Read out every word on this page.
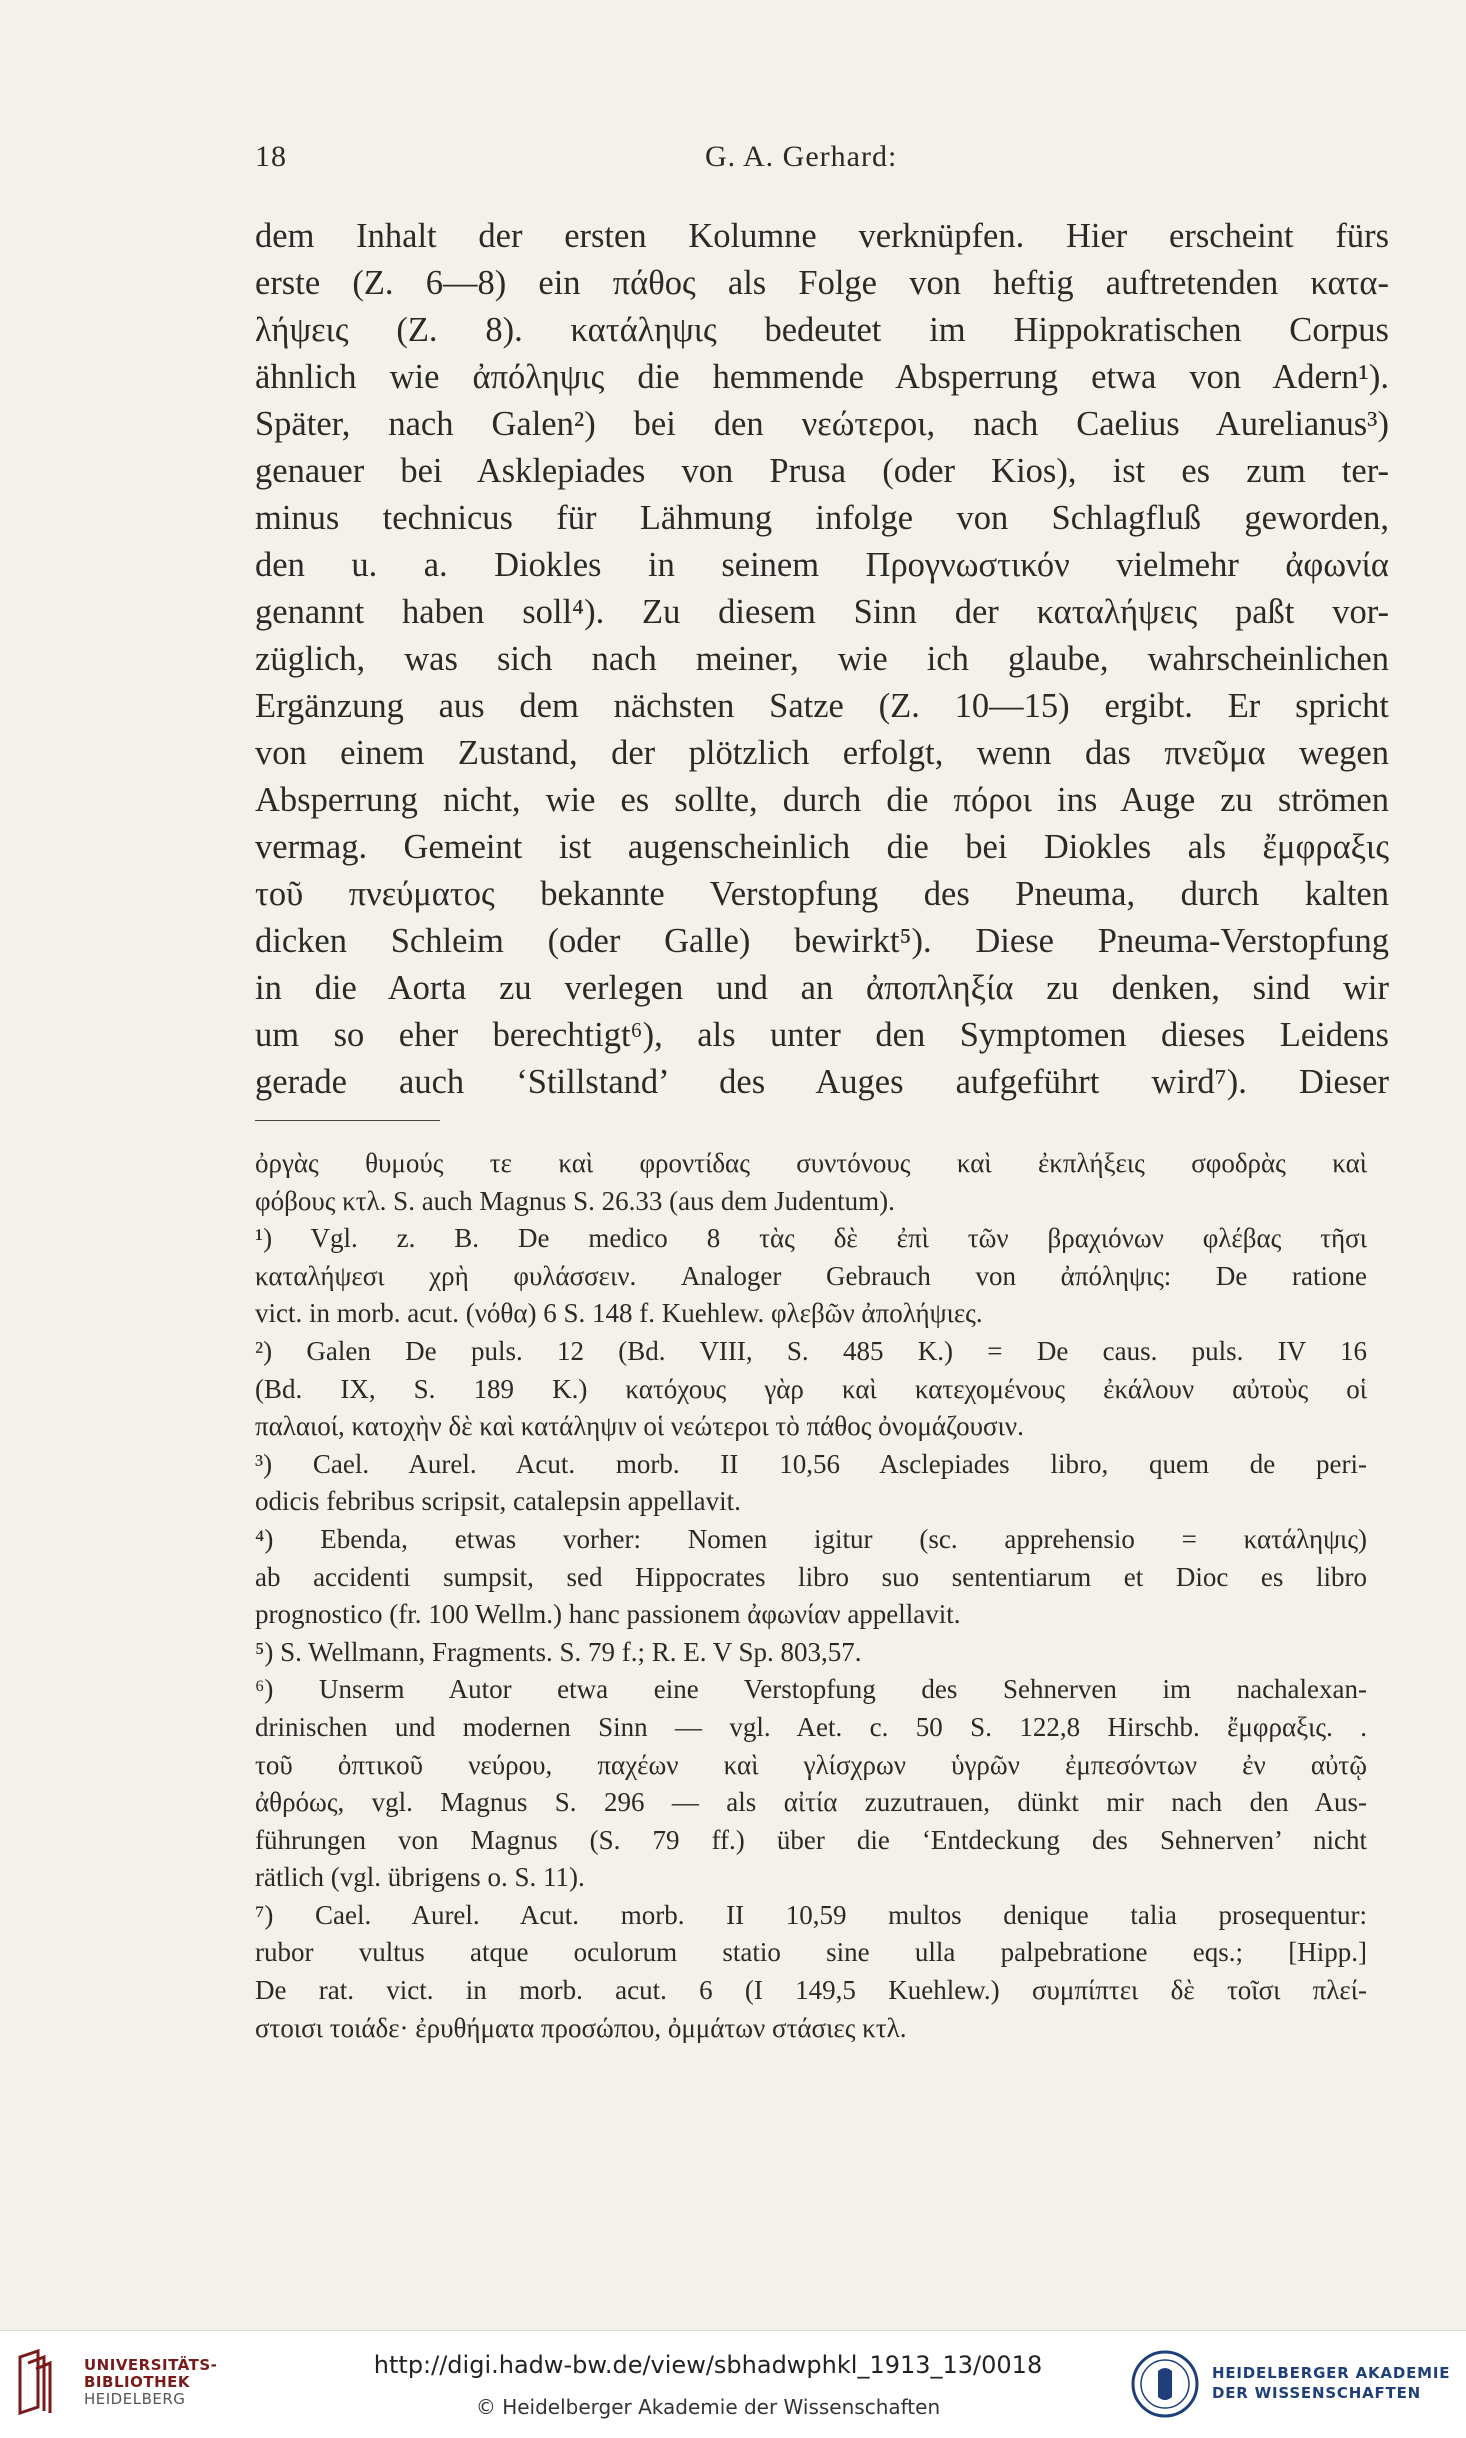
18	G. A. Gerhard:
dem Inhalt der ersten Kolumne verknüpfen. Hier erscheint fürs
erste (Z. 6—8) ein πάθος als Folge von heftig auftretenden κατα-
λήψεις (Z. 8). κατάληψις bedeutet im Hippokratischen Corpus
ähnlich wie ἀπόληψις die hemmende Absperrung etwa von Adern¹).
Später, nach Galen²) bei den νεώτεροι, nach Caelius Aurelianus³)
genauer bei Asklepiades von Prusa (oder Kios), ist es zum ter-
minus technicus für Lähmung infolge von Schlagfluß geworden,
den u. a. Diokles in seinem Προγνωστικόν vielmehr ἀφωνία
genannt haben soll⁴). Zu diesem Sinn der καταλήψεις paßt vor-
züglich, was sich nach meiner, wie ich glaube, wahrscheinlichen
Ergänzung aus dem nächsten Satze (Z. 10—15) ergibt. Er spricht
von einem Zustand, der plötzlich erfolgt, wenn das πνεῦμα wegen
Absperrung nicht, wie es sollte, durch die πόροι ins Auge zu strömen
vermag. Gemeint ist augenscheinlich die bei Diokles als ἔμφραξις
τοῦ πνεύματος bekannte Verstopfung des Pneuma, durch kalten
dicken Schleim (oder Galle) bewirkt⁵). Diese Pneuma-Verstopfung
in die Aorta zu verlegen und an ἀποπληξία zu denken, sind wir
um so eher berechtigt⁶), als unter den Symptomen dieses Leidens
gerade auch ‘Stillstand’ des Auges aufgeführt wird⁷). Dieser
ὀργὰς θυμούς τε καὶ φροντίδας συντόνους καὶ ἐκπλήξεις σφοδρὰς καὶ
φόβους κτλ. S. auch Magnus S. 26.33 (aus dem Judentum).
¹) Vgl. z. B. De medico 8 τὰς δὲ ἐπὶ τῶν βραχιόνων φλέβας τῆσι
καταλήψεσι χρὴ φυλάσσειν. Analoger Gebrauch von ἀπόληψις: De ratione
vict. in morb. acut. (νόθα) 6 S. 148 f. Kuehlew. φλεβῶν ἀπολήψιες.
²) Galen De puls. 12 (Bd. VIII, S. 485 K.) = De caus. puls. IV 16
(Bd. IX, S. 189 K.) κατόχους γὰρ καὶ κατεχομένους ἐκάλουν αὐτοὺς οἱ
παλαιοί, κατοχὴν δὲ καὶ κατάληψιν οἱ νεώτεροι τὸ πάθος ὀνομάζουσιν.
³) Cael. Aurel. Acut. morb. II 10,56 Asclepiades libro, quem de peri-
odicis febribus scripsit, catalepsin appellavit.
⁴) Ebenda, etwas vorher: Nomen igitur (sc. apprehensio = κατάληψις)
ab accidenti sumpsit, sed Hippocrates libro suo sententiarum et Dioc es libro
prognostico (fr. 100 Wellm.) hanc passionem ἀφωνίαν appellavit.
⁵) S. Wellmann, Fragments. S. 79 f.; R. E. V Sp. 803,57.
⁶) Unserm Autor etwa eine Verstopfung des Sehnerven im nachalexan-
drinischen und modernen Sinn — vgl. Aet. c. 50 S. 122,8 Hirschb. ἔμφραξις. .
τοῦ ὀπτικοῦ νεύρου, παχέων καὶ γλίσχρων ὑγρῶν ἐμπεσόντων ἐν αὐτῷ
ἀθρόως, vgl. Magnus S. 296 — als αἰτία zuzutrauen, dünkt mir nach den Aus-
führungen von Magnus (S. 79 ff.) über die ‘Entdeckung des Sehnerven’ nicht
rätlich (vgl. übrigens o. S. 11).
⁷) Cael. Aurel. Acut. morb. II 10,59 multos denique talia prosequentur:
rubor vultus atque oculorum statio sine ulla palpebratione eqs.; [Hipp.]
De rat. vict. in morb. acut. 6 (I 149,5 Kuehlew.) συμπίπτει δὲ τοῖσι πλεί-
στοισι τοιάδε· ἐρυθήματα προσώπου, ὀμμάτων στάσιες κτλ.
UNIVERSITÄTS-
BIBLIOTHEK
HEIDELBERG
http://digi.hadw-bw.de/view/sbhadwphkl_1913_13/0018
© Heidelberger Akademie der Wissenschaften
HEIDELBERGER AKADEMIE
DER WISSENSCHAFTEN
